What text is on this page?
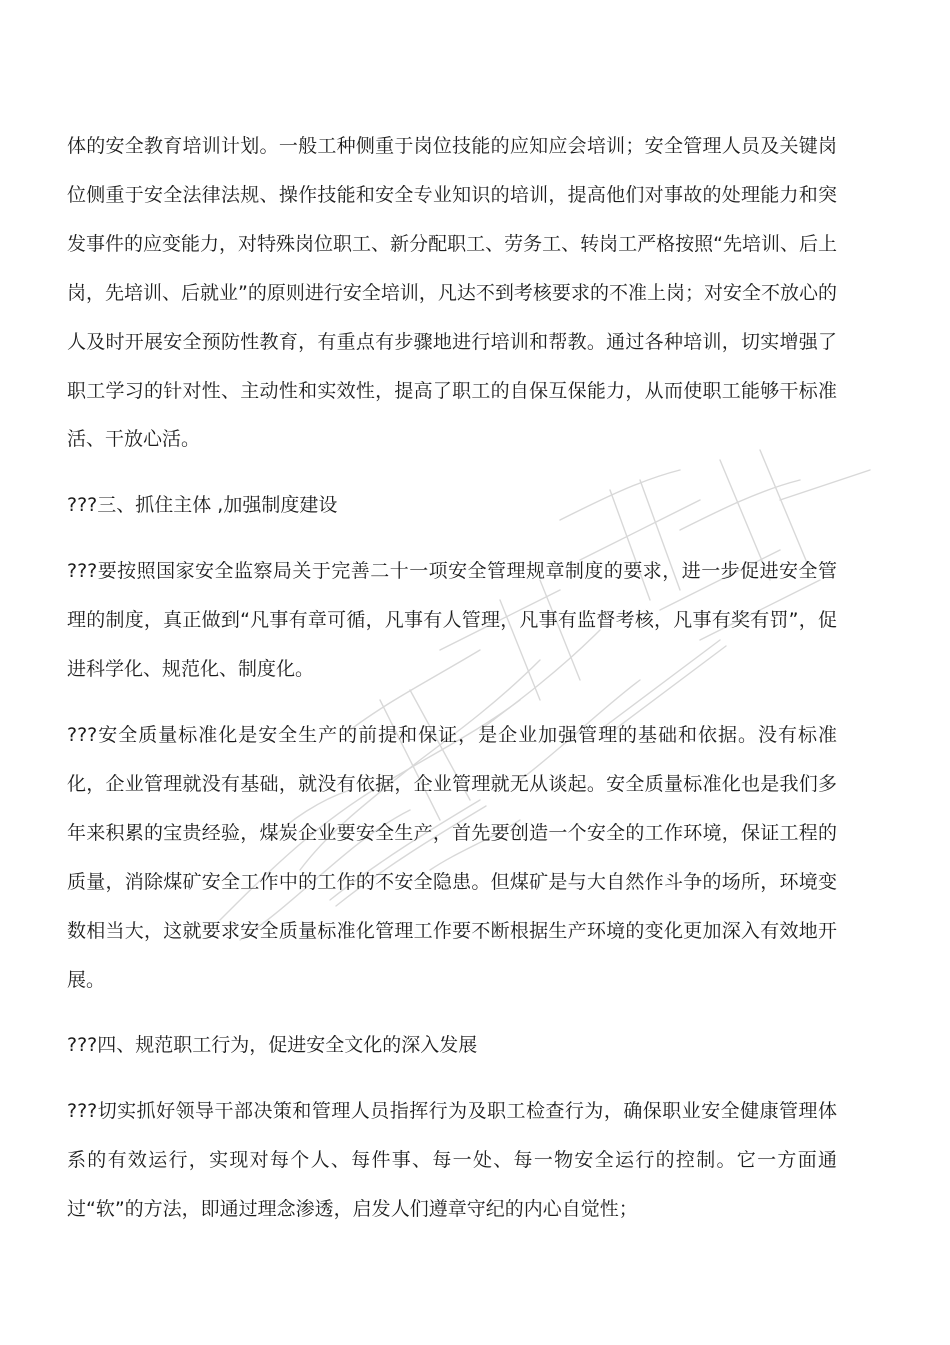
体的安全教育培训计划。一般工种侧重于岗位技能的应知应会培训；安全管理人员及关键岗位侧重于安全法律法规、操作技能和安全专业知识的培训，提高他们对事故的处理能力和突发事件的应变能力，对特殊岗位职工、新分配职工、劳务工、转岗工严格按照“先培训、后上岗，先培训、后就业”的原则进行安全培训，凡达不到考核要求的不准上岗；对安全不放心的人及时开展安全预防性教育，有重点有步骤地进行培训和帮教。通过各种培训，切实增强了职工学习的针对性、主动性和实效性，提高了职工的自保互保能力，从而使职工能够干标准活、干放心活。

???三、抓住主体 ,加强制度建设

???要按照国家安全监察局关于完善二十一项安全管理规章制度的要求，进一步促进安全管理的制度，真正做到“凡事有章可循，凡事有人管理，凡事有监督考核，凡事有奖有罚”，促进科学化、规范化、制度化。

???安全质量标准化是安全生产的前提和保证，是企业加强管理的基础和依据。没有标准化，企业管理就没有基础，就没有依据，企业管理就无从谈起。安全质量标准化也是我们多年来积累的宝贵经验，煤炭企业要安全生产，首先要创造一个安全的工作环境，保证工程的质量，消除煤矿安全工作中的工作的不安全隐患。但煤矿是与大自然作斗争的场所，环境变数相当大，这就要求安全质量标准化管理工作要不断根据生产环境的变化更加深入有效地开展。

???四、规范职工行为，促进安全文化的深入发展

???切实抓好领导干部决策和管理人员指挥行为及职工检查行为，确保职业安全健康管理体系的有效运行，实现对每个人、每件事、每一处、每一物安全运行的控制。它一方面通过“软”的方法，即通过理念渗透，启发人们遵章守纪的内心自觉性；
